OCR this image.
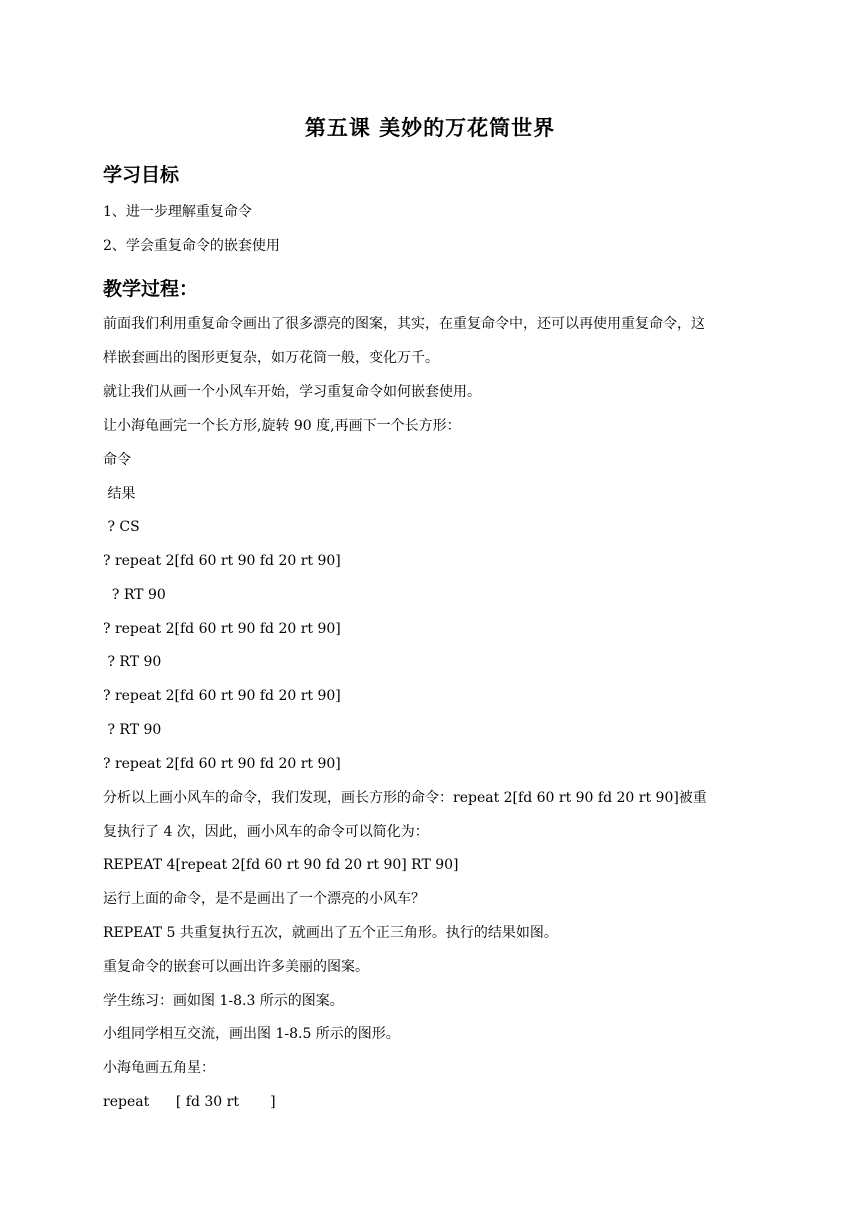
第五课 美妙的万花筒世界
学习目标
1、进一步理解重复命令
2、学会重复命令的嵌套使用
教学过程：
前面我们利用重复命令画出了很多漂亮的图案，其实，在重复命令中，还可以再使用重复命令，这
样嵌套画出的图形更复杂，如万花筒一般，变化万千。
就让我们从画一个小风车开始，学习重复命令如何嵌套使用。
让小海龟画完一个长方形,旋转 90 度,再画下一个长方形：
命令
结果
? CS
? repeat 2[fd 60 rt 90 fd 20 rt 90]
? RT 90
? repeat 2[fd 60 rt 90 fd 20 rt 90]
? RT 90
? repeat 2[fd 60 rt 90 fd 20 rt 90]
? RT 90
? repeat 2[fd 60 rt 90 fd 20 rt 90]
分析以上画小风车的命令，我们发现，画长方形的命令：repeat 2[fd 60 rt 90 fd 20 rt 90]被重
复执行了 4 次，因此，画小风车的命令可以简化为：
REPEAT 4[repeat 2[fd 60 rt 90 fd 20 rt 90] RT 90]
运行上面的命令，是不是画出了一个漂亮的小风车？
REPEAT 5 共重复执行五次，就画出了五个正三角形。执行的结果如图。
重复命令的嵌套可以画出许多美丽的图案。
学生练习：画如图 1-8.3 所示的图案。
小组同学相互交流，画出图 1-8.5 所示的图形。
小海龟画五角星：
repeat      [ fd 30 rt       ]
